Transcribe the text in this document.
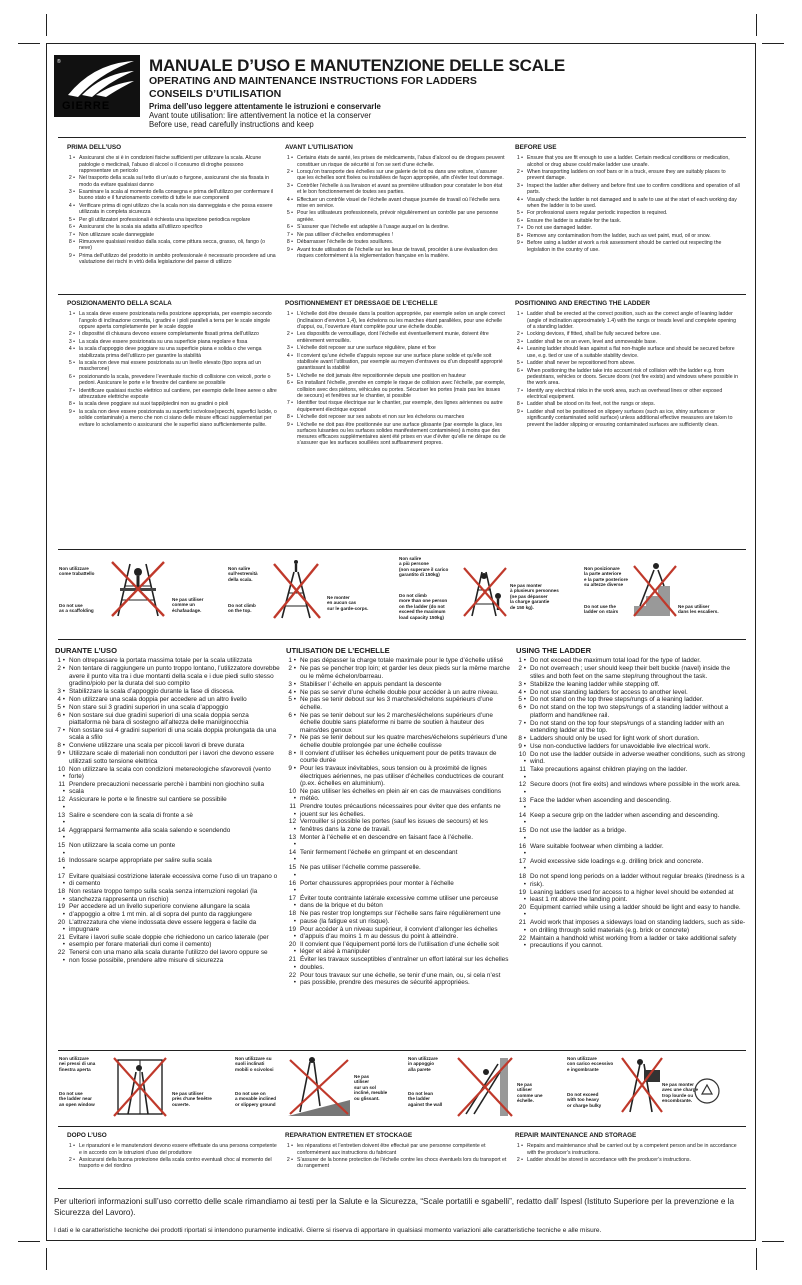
®
GIERRE
MANUALE D’USO E MANUTENZIONE DELLE SCALE
OPERATING AND MAINTENANCE INSTRUCTIONS FOR LADDERS
CONSEILS D’UTILISATION
Prima dell’uso leggere attentamente le istruzioni e conservarle
Avant toute utilisation: lire attentivement la notice et la conserver
Before use, read carefully instructions and keep
PRIMA DELL’USO
1 • Assicurarsi che si è in condizioni fisiche sufficienti per utilizzare la scala. Alcune patologie o medicinali, l’abuso di alcool o il consumo di droghe possono rappresentare un pericolo
2 • Nel trasporto della scala sul tetto di un’auto o furgone, assicurarsi che sia fissata in modo da evitare qualsiasi danno
3 • Esaminare la scala al momento della consegna e prima dell’utilizzo per confermare il buono stato e il funzionamento corretto di tutte le sue componenti
4 • Verificare prima di ogni utilizzo che la scala non sia danneggiata e che possa essere utilizzata in completa sicurezza
5 • Per gli utilizzatori professionali è richiesta una ispezione periodica regolare
6 • Assicurarsi che la scala sia adatta all’utilizzo specifico
7 • Non utilizzare scale danneggiate
8 • Rimuovere qualsiasi residuo dalla scala, come pittura secca, grasso, oli, fango (o neve)
9 • Prima dell’utilizzo del prodotto in ambito professionale è necessario procedere ad una valutazione dei rischi in virtù della legislazione del paese di utilizzo
AVANT L’UTILISATION
1 • Certains états de santé, les prises de médicaments, l’abus d’alcool ou de drogues peuvent constituer un risque de sécurité si l’on se sert d’une échelle.
2 • Lorsqu’on transporte des échelles sur une galerie de toit ou dans une voiture, s’assurer que les échelles sont fixées ou installées de façon appropriée, afin d’éviter tout dommage.
3 • Contrôler l’échelle à sa livraison et avant sa première utilisation pour constater le bon état et le bon fonctionnement de toutes ses parties.
4 • Effectuer un contrôle visuel de l’échelle avant chaque journée de travail où l’échelle sera mise en service.
5 • Pour les utilisateurs professionnels, prévoir régulièrement un contrôle par une personne agréée.
6 • S’assurer que l’échelle est adaptée à l’usage auquel on la destine.
7 • Ne pas utiliser d’échelles endommagées !
8 • Débarrasser l’échelle de toutes souillures.
9 • Avant toute utilisation de l’échelle sur les lieux de travail, procéder à une évaluation des risques conformément à la réglementation française en la matière.
BEFORE USE
1 • Ensure that you are fit enough to use a ladder. Certain medical conditions or medication, alcohol or drug abuse could make ladder use unsafe.
2 • When transporting ladders on roof bars or in a truck, ensure they are suitably places to prevent damage.
3 • Inspect the ladder after delivery and before first use to confirm conditions and operation of all parts.
4 • Visually check the ladder is not damaged and is safe to use at the start of each working day when the ladder is to be used.
5 • For professional users regular periodic inspection is required.
6 • Ensure the ladder is suitable for the task.
7 • Do not use damaged ladder.
8 • Remove any contamination from the ladder, such as wet paint, mud, oil or snow.
9 • Before using a ladder at work a risk assessment should be carried out respecting the legislation in the country of use.
POSIZIONAMENTO DELLA SCALA
1 • La scala deve essere posizionata nella posizione appropriata, per esempio secondo l’angolo di inclinazione corretta, i gradini e i pioli paralleli a terra per le scale singole oppure aperta completamente per le scale doppie
2 • I dispositivi di chiusura devono essere completamente fissati prima dell’utilizzo
3 • La scala deve essere posizionata su una superficie piana regolare e fissa
4 • la scala d’appoggio deve poggiare su una superficie piana e solida o che venga stabilizzata prima dell’utilizzo per garantire la stabilità
5 • la scala non deve mai essere posizionata su un livello elevato (tipo sopra ad un mascherone)
6 • posizionando la scala, prevedere l’eventuale rischio di collisione con veicoli, porte o pedoni. Assicurare le porte e le finestre del cantiere se possibile
7 • Identificare qualsiasi rischio elettrico sul cantiere, per esempio delle linee aeree o altre attrezzature elettriche esposte
8 • la scala deve poggiare sui suoi tappi/piedini non su gradini o pioli
9 • la scala non deve essere posizionata su superfici scivolose(specchi, superfici lucide, o solide contaminate) a meno che non ci siano delle misure efficaci supplementari per evitare lo scivolamento o assicurarsi che le superfici siano sufficientemente pulite.
POSITIONNEMENT ET DRESSAGE DE L’ECHELLE
1 • L’échelle doit être dressée dans la position appropriée, par exemple selon un angle correct (inclinaison d’environ 1,4), les échelons ou les marches étant parallèles, pour une échelle d’appui, ou, l’ouverture étant complète pour une échelle double.
2 • Les dispositifs de verrouillage, dont l’échelle est éventuellement munie, doivent être entièrement verrouillés.
3 • L’échelle doit reposer sur une surface régulière, plane et fixe
4 • Il convient qu’une échelle d’appuis repose sur une surface plane solide et qu’elle soit stabilisée avant l’utilisation, par exemple au moyen d’entraves ou d’un dispositif approprié garantissant la stabilité
5 • L’échelle ne doit jamais être repositionnée depuis une position en hauteur
6 • En installant l’échelle, prendre en compte le risque de collision avec l’échelle, par exemple, collision avec des piétons, véhicules ou portes. Sécuriser les portes (mais pas les issues de secours) et fenêtres sur le chantier, si possible
7 • Identifier tout risque électrique sur le chantier, par exemple, des lignes aériennes ou autre équipement électrique exposé
8 • L’échelle doit reposer sur ses sabots et non sur les échelons ou marches
9 • L’échelle ne doit pas être positionnée sur une surface glissante (par exemple la glace, les surfaces luisantes ou les surfaces solides manifestement contaminées) à moins que des mesures efficaces supplémentaires aient été prises en vue d’éviter qu’elle ne dérape ou de s’assurer que les surfaces souillées sont suffisamment propres.
POSITIONING AND ERECTING THE LADDER
1 • Ladder shall be erected at the correct position, such as the correct angle of leaning ladder (angle of inclination approximately 1.4) with the rungs or treads level and complete opening of a standing ladder.
2 • Locking devices, if fitted, shall be fully secured before use.
3 • Ladder shall be on an even, level and unmoveable base.
4 • Leaning ladder should lean against a flat non-fragile surface and should be secured before use, e.g. tied or use of a suitable stability device.
5 • Ladder shall never be repositioned from above.
6 • When positioning the ladder take into account risk of collision with the ladder e.g. from pedestrians, vehicles or doors. Secure doors (not fire exists) and windows where possible in the work area.
7 • Identify any electrical risks in the work area, such as overhead lines or other exposed electrical equipment.
8 • Ladder shall be stood on its feet, not the rungs or steps.
9 • Ladder shall not be positioned on slippery surfaces (such as ice, shiny surfaces or significantly contaminated solid surface) unless additional effective measures are taken to prevent the ladder slipping or ensuring contaminated surfaces are sufficiently clean.
Non utilizzare
come trabattello
Do not use
as a scaffolding
Ne pas utiliser
comme un
échafaudage.
Non salire
sull’estremità
della scala.
Do not climb
on the top.
Ne monter
en aucun cas
sur le garde-corps.
Non salire
a più persone
(non superare il carico
garantito di 150kg)
Do not climb
more than one person
on the ladder (do not
exceed the maximum
load capacity 150kg)
Ne pas monter
à plusieurs personnes
(ne pas dépasser
la charge garantie
de 150 kg).
Non posizionare
la parte anteriore
e la parte posteriore
su altezze diverse
Do not use the
ladder on stairs
Ne pas utiliser
dans les escaliers.
DURANTE L’USO
1 • Non oltrepassare la portata massima totale per la scala utilizzata
2 • Non tentare di raggiungere un punto troppo lontano, l’utilizzatore dovrebbe avere il punto vita tra i due montanti della scala e i due piedi sullo stesso gradino/piolo per la durata del suo compito
3 • Stabilizzare la scala d’appoggio durante la fase di discesa.
4 • Non utilizzare una scala doppia per accedere ad un altro livello
5 • Non stare sui 3 gradini superiori in una scala d’appoggio
6 • Non sostare sui due gradini superiori di una scala doppia senza piattaforma nè bara di sostegno all’altezza delle mani/ginocchia
7 • Non sostare sui 4 gradini superiori di una scala doppia prolungata da una scala a sfilo
8 • Conviene utilizzare una scala per piccoli lavori di breve durata
9 • Utilizzare scale di materiali non conduttori per i lavori che devono essere utilizzati sotto tensione elettrica
10 •
Non utilizzare la scala con condizioni metereologiche sfavorevoli (vento forte)
11 •
Prendere precauzioni necessarie perchè i bambini non giochino sulla scala
12 •
Assicurare le porte e le finestre sul cantiere se possibile
13 •
Salire e scendere con la scala di fronte a sè
14 •
Aggrapparsi fermamente alla scala salendo e scendendo
15 •
Non utilizzare la scala come un ponte
16 •
Indossare scarpe appropriate per salire sulla scala
17 •
Evitare qualsiasi costrizione laterale eccessiva come l’uso di un trapano o di cemento
18 •
Non restare troppo tempo sulla scala senza interruzioni regolari (la stanchezza rappresenta un rischio)
19 •
Per accedere ad un livello superiore conviene allungare la scala d’appoggio a oltre 1 mt min. al di sopra del punto da raggiungere
20 •
L’attrezzatura che viene indossata deve essere leggera e facile da impugnare
21 •
Evitare i lavori sulle scale doppie che richiedono un carico laterale (per esempio per forare materiali duri come il cemento)
22 •
Tenersi con una mano alla scala durante l’utilizzo del lavoro oppure se non fosse possibile, prendere altre misure di sicurezza
UTILISATION DE L’ECHELLE
1 • Ne pas dépasser la charge totale maximale pour le type d’échelle utilisé
2 • Ne pas se pencher trop loin; et garder les deux pieds sur la même marche ou le même échelon/barreau.
3 • Stabiliser l’ échelle en appuis pendant la descente
4 • Ne pas se servir d’une échelle double pour accéder à un autre niveau.
5 • Ne pas se tenir debout sur les 3 marches/échelons supérieurs d’une échelle.
6 • Ne pas se tenir debout sur les 2 marches/échelons supérieurs d’une échelle double sans plateforme ni barre de soutien à hauteur des mains/des genoux
7 • Ne pas se tenir debout sur les quatre marches/échelons supérieurs d’une échelle double prolongée par une échelle coulisse
8 • Il convient d’utiliser les échelles uniquement pour de petits travaux de courte durée
9 • Pour les travaux inévitables, sous tension ou à proximité de lignes électriques aériennes, ne pas utiliser d’échelles conductrices de courant (p.ex. échelles en aluminium).
10 •
Ne pas utiliser les échelles en plein air en cas de mauvaises conditions météo.
11 •
Prendre toutes précautions nécessaires pour éviter que des enfants ne jouent sur les échelles.
12 •
Verrouiller si possible les portes (sauf les issues de secours) et les fenêtres dans la zone de travail.
13 •
Monter à l’échelle et en descendre en faisant face à l’échelle.
14 •
Tenir fermement l’échelle en grimpant et en descendant
15 •
Ne pas utiliser l’échelle comme passerelle.
16 •
Porter chaussures appropriées pour monter à l’échelle
17 •
Éviter toute contrainte latérale excessive comme utiliser une perceuse dans de la brique et du béton
18 •
Ne pas rester trop longtemps sur l’échelle sans faire régulièrement une pause (la fatigue est un risque).
19 •
Pour accéder à un niveau supérieur, il convient d’allonger les échelles d’appuis d’au moins 1 m au dessus du point à atteindre.
20 •
Il convient que l’équipement porté lors de l’utilisation d’une échelle soit léger et aisé à manipuler
21 •
Éviter les travaux susceptibles d’entraîner un effort latéral sur les échelles doubles.
22 •
Pour tous travaux sur une échelle, se tenir d’une main, ou, si cela n’est pas possible, prendre des mesures de sécurité appropriées.
USING THE LADDER
1 • Do not exceed the maximum total load for the type of ladder.
2 • Do not overreach ; user should keep their belt buckle (navel) inside the stiles and both feet on the same step/rung throughout the task.
3 • Stabilize the leaning ladder while stepping off.
4 • Do not use standing ladders for access to another level.
5 • Do not stand on the top three steps/rungs of a leaning ladder.
6 • Do not stand on the top two steps/rungs of a standing ladder without a platform and hand/knee rail.
7 • Do not stand on the top four steps/rungs of a standing ladder with an extending ladder at the top.
8 • Ladders should only be used for light work of short duration.
9 • Use non-conductive ladders for unavoidable live electrical work.
10 •
Do not use the ladder outside in adverse weather conditions, such as strong wind.
11 •
Take precautions against children playing on the ladder.
12 •
Secure doors (not fire exits) and windows where possible in the work area.
13 •
Face the ladder when ascending and descending.
14 •
Keep a secure grip on the ladder when ascending and descending.
15 •
Do not use the ladder as a bridge.
16 •
Ware suitable footwear when climbing a ladder.
17 •
Avoid excessive side loadings e.g. drilling brick and concrete.
18 •
Do not spend long periods on a ladder without regular breaks (tiredness is a risk).
19 •
Leaning ladders used for access to a higher level should be extended at least 1 mt above the landing point.
20 •
Equipment carried while using a ladder should be light and easy to handle.
21 •
Avoid work that imposes a sideways load on standing ladders, such as side-on drilling through solid materials (e.g. brick or concrete)
22 •
Maintain a handhold whist working from a ladder or take additional safety precautions if you cannot.
Non utilizzare
nei pressi di una
finestra aperta
Do not use
the ladder near
an open window
Ne pas utiliser
près d’une fenêtre
ouverte.
Non utilizzare su
suoli inclinati
mobili o scivolosi
Do not use on
a movable inclined
or slippery ground
Ne pas
utiliser
sur un sol
incliné, meuble
ou glissant.
Non utilizzare
in appoggio
alla parete
Do not lean
the ladder
against the wall
Ne pas
utiliser
comme une
échelle.
Non utilizzare
con carico eccessivo
e ingombrante
Do not exceed
with too heavy
or charge bulky
Ne pas monter
avec une charge
trop lourde ou
encombrante.
DOPO L’USO
1 • Le riparazioni e le manutenzioni devono essere effettuate da una persona competente e in accordo con le istruzioni d’uso del produttore
2 • Assicurarsi della buona protezione della scala contro eventuali choc al momento del trasporto e del riordino
REPARATION ENTRETIEN ET STOCKAGE
1 • les réparations et l’entretien doivent être effectué par une personne compétente et conformément aux instructions du fabricant
2 • S’assurer de la bonne protection de l’échelle contre les chocs éventuels lors du transport et du rangement
REPAIR MAINTENANCE AND STORAGE
1 • Repairs and maintenance shall be carried out by a competent person and be in accordance with the producer’s instructions.
2 • Ladder should be stored in accordance with the producer’s instructions.
Per ulteriori informazioni sull’uso corretto delle scale rimandiamo ai testi per la Salute e la Sicurezza, “Scale portatili e sgabelli”, redatto dall’ Ispesl (Istituto Superiore per la prevenzione e la Sicurezza del Lavoro).
I dati e le caratteristiche tecniche dei prodotti riportati si intendono puramente indicativi. Gierre si riserva di apportare in qualsiasi momento variazioni alle caratteristiche tecniche e alle misure.
